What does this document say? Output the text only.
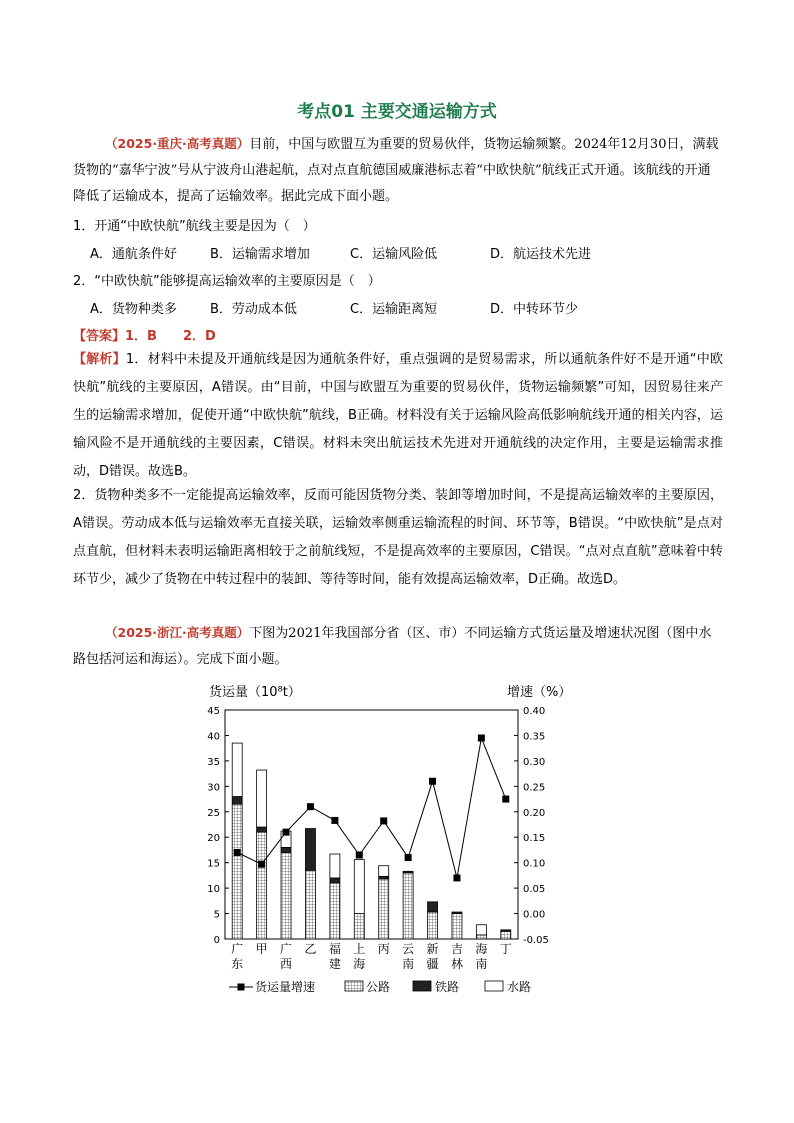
考点01 主要交通运输方式

（2025·重庆·高考真题）目前，中国与欧盟互为重要的贸易伙伴，货物运输频繁。2024年12月30日，满载货物的“嘉华宁波”号从宁波舟山港起航，点对点直航德国威廉港标志着“中欧快航”航线正式开通。该航线的开通降低了运输成本，提高了运输效率。据此完成下面小题。

1．开通“中欧快航”航线主要是因为（　）
A．通航条件好	B．运输需求增加	C．运输风险低	D．航运技术先进
2．“中欧快航”能够提高运输效率的主要原因是（　）
A．货物种类多	B．劳动成本低	C．运输距离短	D．中转环节少
【答案】1．B　　2．D

【解析】1．材料中未提及开通航线是因为通航条件好，重点强调的是贸易需求，所以通航条件好不是开通“中欧快航”航线的主要原因，A错误。由“目前，中国与欧盟互为重要的贸易伙伴，货物运输频繁”可知，因贸易往来产生的运输需求增加，促使开通“中欧快航”航线，B正确。材料没有关于运输风险高低影响航线开通的相关内容，运输风险不是开通航线的主要因素，C错误。材料未突出航运技术先进对开通航线的决定作用，主要是运输需求推动，D错误。故选B。

2．货物种类多不一定能提高运输效率，反而可能因货物分类、装卸等增加时间，不是提高运输效率的主要原因，A错误。劳动成本低与运输效率无直接关联，运输效率侧重运输流程的时间、环节等，B错误。“中欧快航”是点对点直航，但材料未表明运输距离相较于之前航线短，不是提高效率的主要原因，C错误。“点对点直航”意味着中转环节少，减少了货物在中转过程中的装卸、等待等时间，能有效提高运输效率，D正确。故选D。

（2025·浙江·高考真题）下图为2021年我国部分省（区、市）不同运输方式货运量及增速状况图（图中水路包括河运和海运）。完成下面小题。

货运量（10⁸t）	增速（%）
0
5
10
15
20
25
30
35
40
45
-0.05
0.00
0.05
0.10
0.15
0.20
0.25
0.30
0.35
0.40
广
东
甲 广
西
乙 福
建
上
海
丙 云
南
新
疆
吉
林
海
南
丁
货运量增速	公路	铁路	水路
